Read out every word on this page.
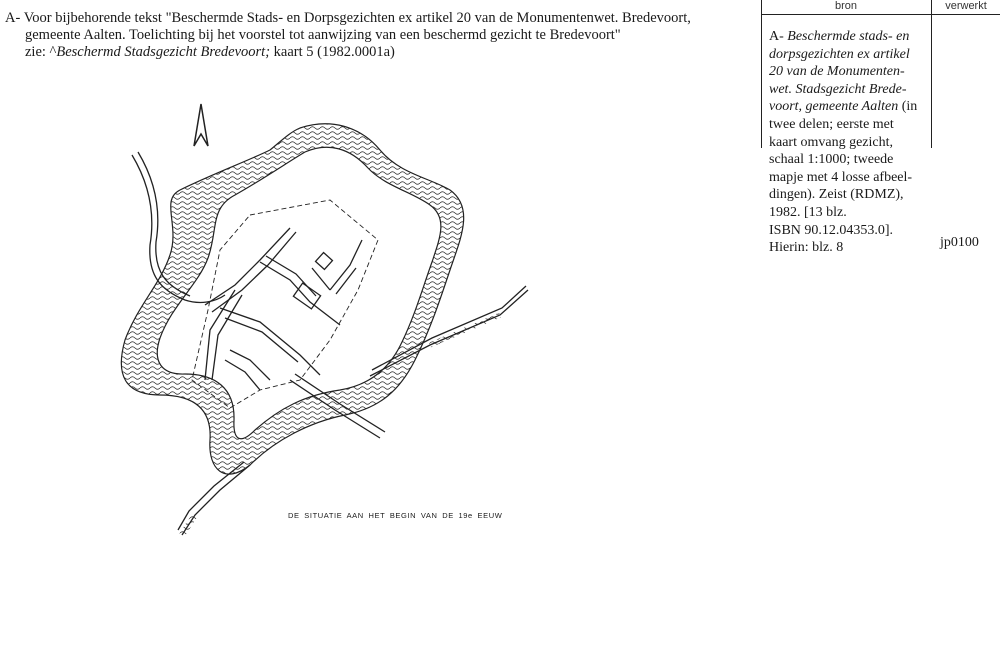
A- Voor bijbehorende tekst "Beschermde Stads- en Dorpsgezichten ex artikel 20 van de Monumentenwet. Bredevoort,
gemeente Aalten. Toelichting bij het voorstel tot aanwijzing van een beschermd gezicht te Bredevoort"
zie: ^Beschermd Stadsgezicht Bredevoort; kaart 5 (1982.0001a)
bron	verwerkt
A- Beschermde stads- en
dorpsgezichten ex artikel
20 van de Monumenten-
wet. Stadsgezicht Brede-
voort, gemeente Aalten (in
twee delen; eerste met
kaart omvang gezicht,
schaal 1:1000; tweede
mapje met 4 losse afbeel-
dingen). Zeist (RDMZ),
1982. [13 blz.
ISBN 90.12.04353.0].
Hierin: blz. 8	jp0100
DE SITUATIE AAN HET BEGIN VAN DE 19e EEUW
